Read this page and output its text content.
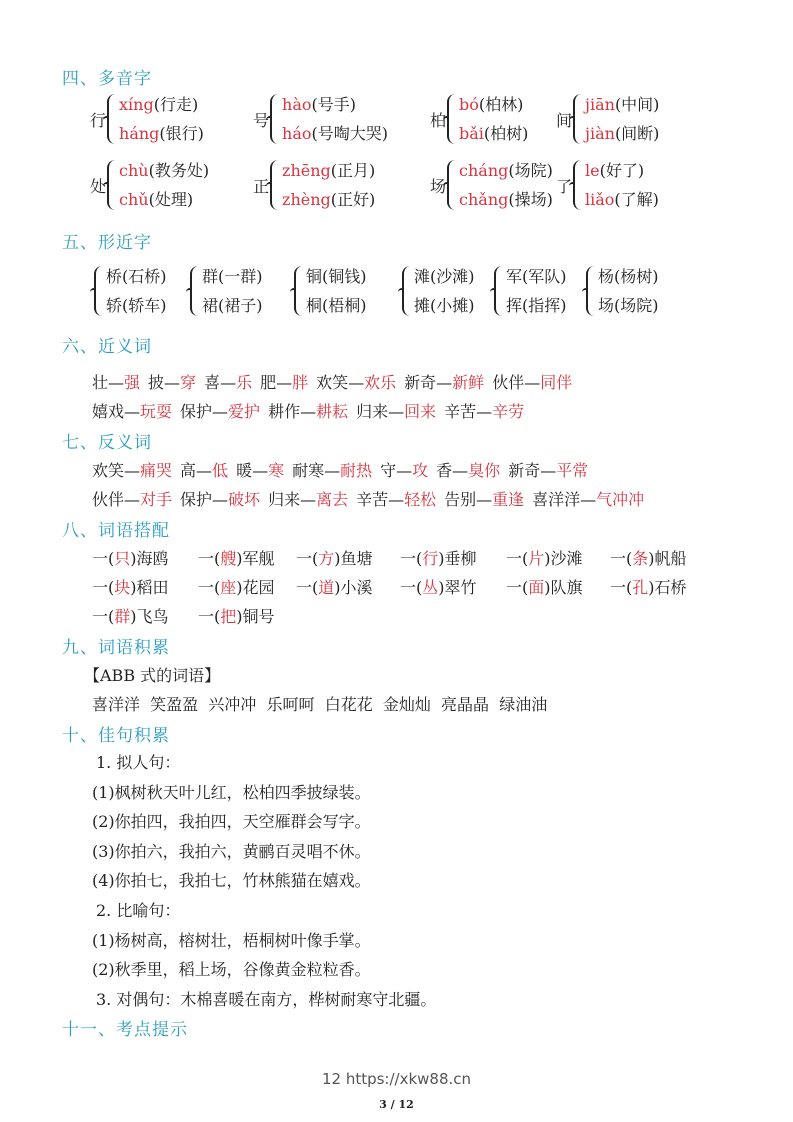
四、多音字
行
xíng(行走)
háng(银行)
号
hào(号手)
háo(号啕大哭)
柏
bó(柏林)
bǎi(柏树)
间
jiān(中间)
jiàn(间断)
处
chù(教务处)
chǔ(处理)
正
zhēng(正月)
zhèng(正好)
场
cháng(场院)
chǎng(操场)
了
le(好了)
liǎo(了解)
五、形近字
桥(石桥)
轿(轿车)
群(一群)
裙(裙子)
铜(铜钱)
桐(梧桐)
滩(沙滩)
摊(小摊)
军(军队)
挥(指挥)
杨(杨树)
场(场院)
六、近义词
壮—强 披—穿 喜—乐 肥—胖 欢笑—欢乐 新奇—新鲜 伙伴—同伴
嬉戏—玩耍 保护—爱护 耕作—耕耘 归来—回来 辛苦—辛劳
七、反义词
欢笑—痛哭 高—低 暖—寒 耐寒—耐热 守—攻 香—臭你 新奇—平常
伙伴—对手 保护—破坏 归来—离去 辛苦—轻松 告别—重逢 喜洋洋—气冲冲
八、词语搭配
一(只)海鸥 一(艘)军舰 一(方)鱼塘 一(行)垂柳 一(片)沙滩 一(条)帆船
一(块)稻田 一(座)花园 一(道)小溪 一(丛)翠竹 一(面)队旗 一(孔)石桥
一(群)飞鸟 一(把)铜号
九、词语积累
【ABB 式的词语】
喜洋洋  笑盈盈  兴冲冲  乐呵呵  白花花  金灿灿  亮晶晶  绿油油
十、佳句积累
1. 拟人句：
(1)枫树秋天叶儿红，松柏四季披绿装。
(2)你拍四，我拍四，天空雁群会写字。
(3)你拍六，我拍六，黄鹂百灵唱不休。
(4)你拍七，我拍七，竹林熊猫在嬉戏。
2. 比喻句：
(1)杨树高，榕树壮，梧桐树叶像手掌。
(2)秋季里，稻上场，谷像黄金粒粒香。
3. 对偶句：木棉喜暖在南方，桦树耐寒守北疆。
十一、考点提示
12 https://xkw88.cn
3 / 12
